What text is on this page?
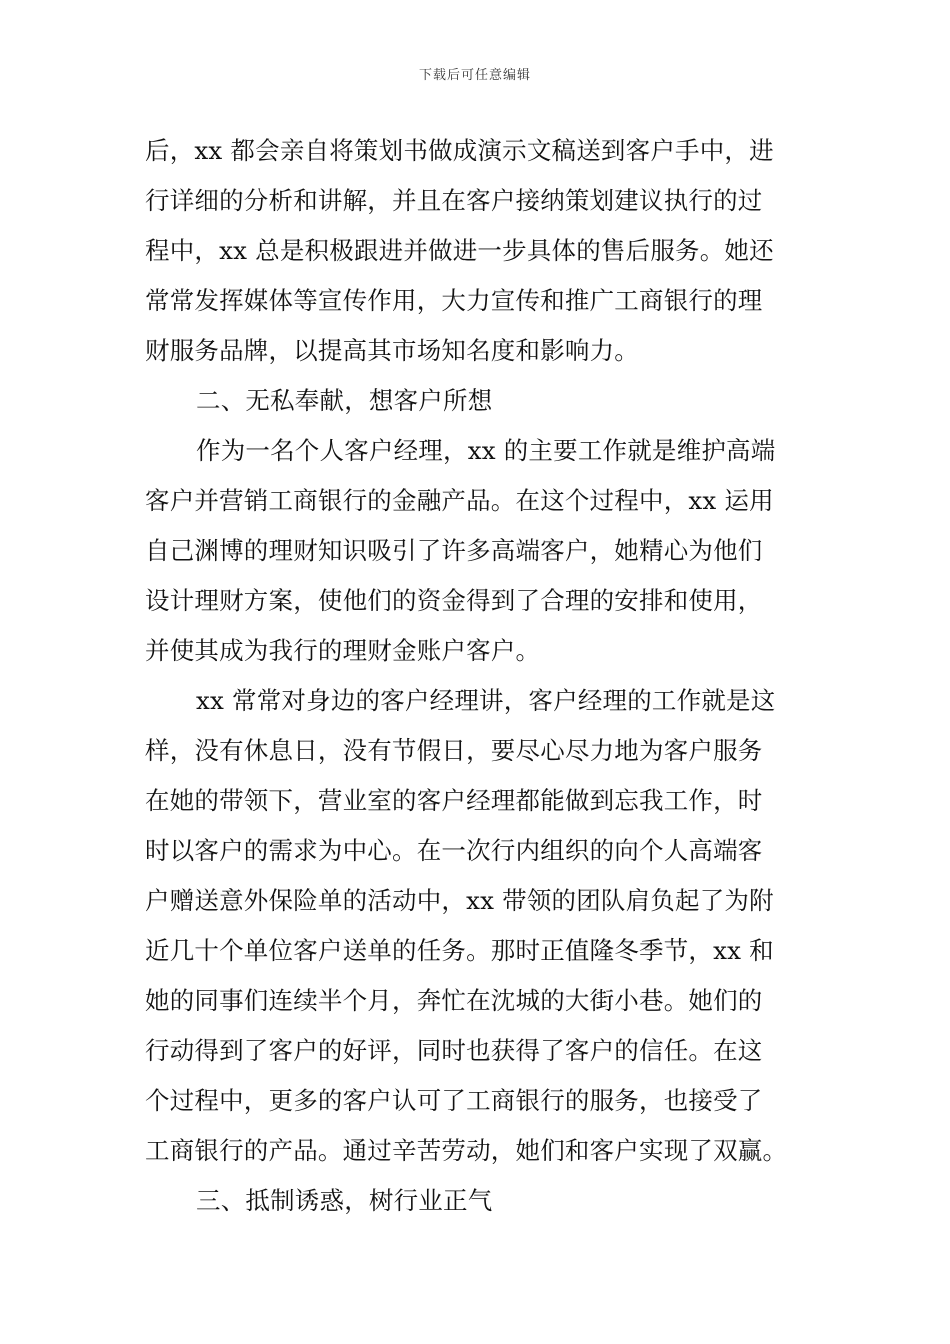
下载后可任意编辑
后，xx 都会亲自将策划书做成演示文稿送到客户手中，进
行详细的分析和讲解，并且在客户接纳策划建议执行的过
程中，xx 总是积极跟进并做进一步具体的售后服务。她还
常常发挥媒体等宣传作用，大力宣传和推广工商银行的理
财服务品牌，以提高其市场知名度和影响力。
二、无私奉献，想客户所想
作为一名个人客户经理，xx 的主要工作就是维护高端
客户并营销工商银行的金融产品。在这个过程中，xx 运用
自己渊博的理财知识吸引了许多高端客户，她精心为他们
设计理财方案，使他们的资金得到了合理的安排和使用，
并使其成为我行的理财金账户客户。
xx 常常对身边的客户经理讲，客户经理的工作就是这
样，没有休息日，没有节假日，要尽心尽力地为客户服务
在她的带领下，营业室的客户经理都能做到忘我工作，时
时以客户的需求为中心。在一次行内组织的向个人高端客
户赠送意外保险单的活动中，xx 带领的团队肩负起了为附
近几十个单位客户送单的任务。那时正值隆冬季节，xx 和
她的同事们连续半个月，奔忙在沈城的大街小巷。她们的
行动得到了客户的好评，同时也获得了客户的信任。在这
个过程中，更多的客户认可了工商银行的服务，也接受了
工商银行的产品。通过辛苦劳动，她们和客户实现了双赢。
三、抵制诱惑，树行业正气
